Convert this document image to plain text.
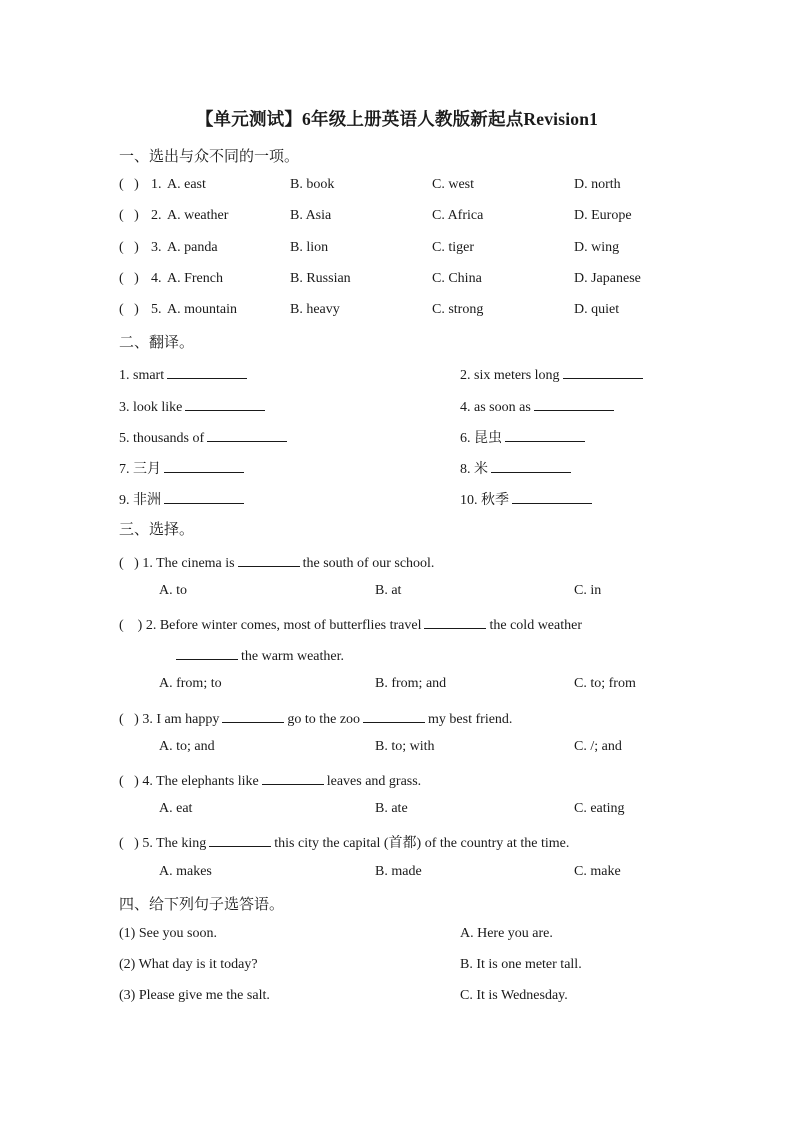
【单元测试】6年级上册英语人教版新起点Revision1
一、选出与众不同的一项。
(   ) 1. A. east	B. book	C. west	D. north
(   ) 2. A. weather	B. Asia	C. Africa	D. Europe
(   ) 3. A. panda	B. lion	C. tiger	D. wing
(   ) 4. A. French	B. Russian	C. China	D. Japanese
(   ) 5. A. mountain	B. heavy	C. strong	D. quiet
二、翻译。
1. smart	2. six meters long
3. look like	4. as soon as
5. thousands of	6. 昆虫
7. 三月	8. 米
9. 非洲	10. 秋季
三、选择。
(   ) 1. The cinema is	the south of our school.
A. to	B. at	C. in
(    ) 2. Before winter comes, most of butterflies travel	the cold weather
the warm weather.
A. from; to	B. from; and	C. to; from
(   ) 3. I am happy	go to the zoo	my best friend.
A. to; and	B. to; with	C. /; and
(   ) 4. The elephants like	leaves and grass.
A. eat	B. ate	C. eating
(   ) 5. The king	this city the capital (首都) of the country at the time.
A. makes	B. made	C. make
四、给下列句子选答语。
(1) See you soon.	A. Here you are.
(2) What day is it today?	B. It is one meter tall.
(3) Please give me the salt.	C. It is Wednesday.
